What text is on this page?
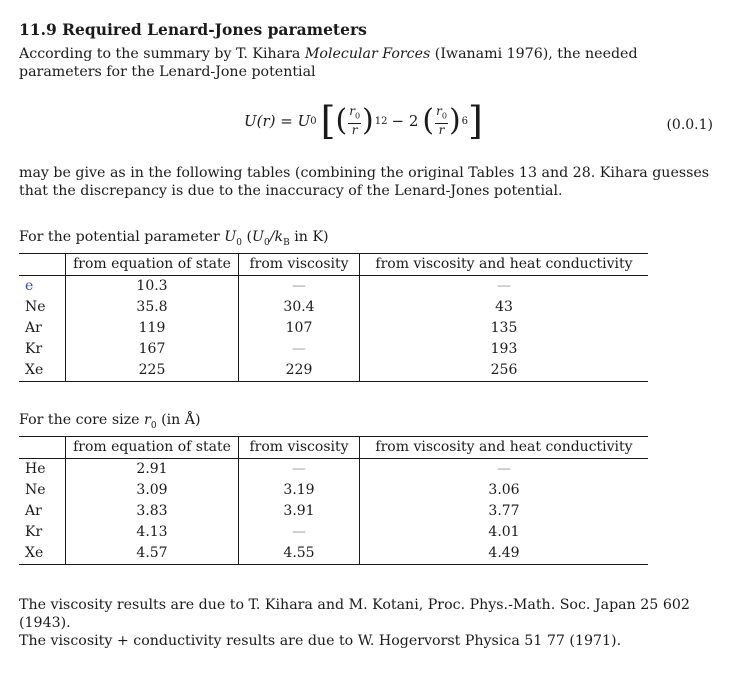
11.9 Required Lenard-Jones parameters

According to the summary by T. Kihara Molecular Forces (Iwanami 1976), the needed parameters for the Lenard-Jone potential

U(r) = U 0 [ ( $\frac{r_0}{r}$ ) 12 − 2 ( $\frac{r_0}{r}$ ) 6 ]	(0.0.1)

may be give as in the following tables (combining the original Tables 13 and 28. Kihara guesses that the discrepancy is due to the inaccuracy of the Lenard-Jones potential.

For the potential parameter $U_0$ ($U_0/k_B$ in K)

	from equation of state	from viscosity	from viscosity and heat conductivity
e	10.3	—	—
Ne	35.8	30.4	43
Ar	119	107	135
Kr	167	—	193
Xe	225	229	256

For the core size $r_0$ (in Å)

	from equation of state	from viscosity	from viscosity and heat conductivity
He	2.91	—	—
Ne	3.09	3.19	3.06
Ar	3.83	3.91	3.77
Kr	4.13	—	4.01
Xe	4.57	4.55	4.49

The viscosity results are due to T. Kihara and M. Kotani, Proc. Phys.-Math. Soc. Japan 25 602 (1943).

The viscosity + conductivity results are due to W. Hogervorst Physica 51 77 (1971).
